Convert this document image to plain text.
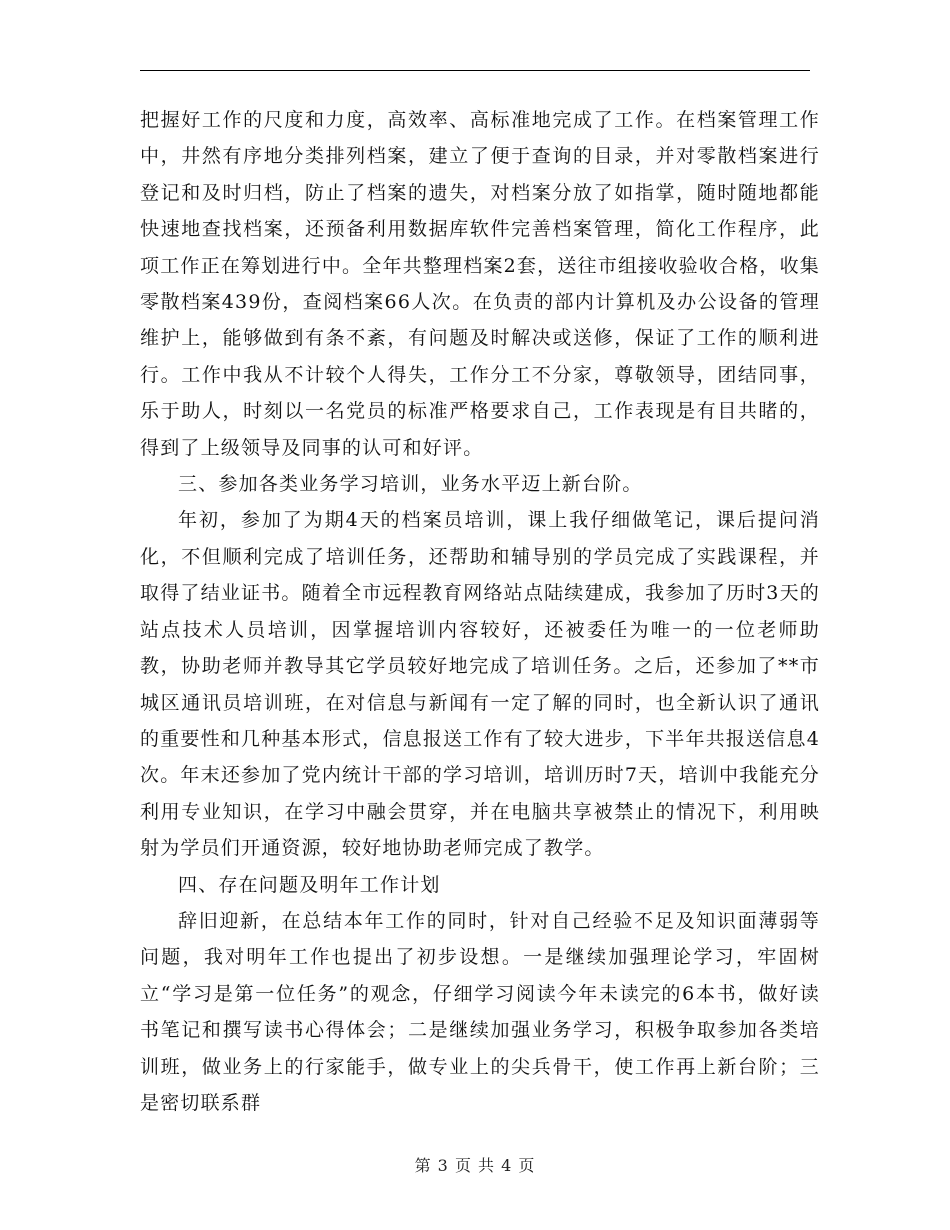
把握好工作的尺度和力度，高效率、高标准地完成了工作。在档案管理工作中，井然有序地分类排列档案，建立了便于查询的目录，并对零散档案进行登记和及时归档，防止了档案的遗失，对档案分放了如指掌，随时随地都能快速地查找档案，还预备利用数据库软件完善档案管理，简化工作程序，此项工作正在筹划进行中。全年共整理档案2套，送往市组接收验收合格，收集零散档案439份，查阅档案66人次。在负责的部内计算机及办公设备的管理维护上，能够做到有条不紊，有问题及时解决或送修，保证了工作的顺利进行。工作中我从不计较个人得失，工作分工不分家，尊敬领导，团结同事，乐于助人，时刻以一名党员的标准严格要求自己，工作表现是有目共睹的，得到了上级领导及同事的认可和好评。

三、参加各类业务学习培训，业务水平迈上新台阶。

年初，参加了为期4天的档案员培训，课上我仔细做笔记，课后提问消化，不但顺利完成了培训任务，还帮助和辅导别的学员完成了实践课程，并取得了结业证书。随着全市远程教育网络站点陆续建成，我参加了历时3天的站点技术人员培训，因掌握培训内容较好，还被委任为唯一的一位老师助教，协助老师并教导其它学员较好地完成了培训任务。之后，还参加了**市城区通讯员培训班，在对信息与新闻有一定了解的同时，也全新认识了通讯的重要性和几种基本形式，信息报送工作有了较大进步，下半年共报送信息4次。年末还参加了党内统计干部的学习培训，培训历时7天，培训中我能充分利用专业知识，在学习中融会贯穿，并在电脑共享被禁止的情况下，利用映射为学员们开通资源，较好地协助老师完成了教学。

四、存在问题及明年工作计划

辞旧迎新，在总结本年工作的同时，针对自己经验不足及知识面薄弱等问题，我对明年工作也提出了初步设想。一是继续加强理论学习，牢固树立“学习是第一位任务”的观念，仔细学习阅读今年未读完的6本书，做好读书笔记和撰写读书心得体会；二是继续加强业务学习，积极争取参加各类培训班，做业务上的行家能手，做专业上的尖兵骨干，使工作再上新台阶；三是密切联系群

第 3 页 共 4 页
